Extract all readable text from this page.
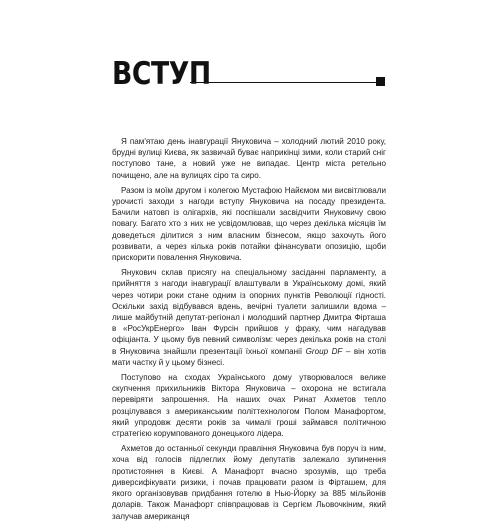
ВСТУП

Я пам'ятаю день інавгурації Януковича – холодний лютий 2010 року, брудні вулиці Києва, як зазвичай буває наприкінці зими, коли старий сніг поступово тане, а новий уже не випадає. Центр міста ретельно почищено, але на вулицях сіро та сиро.

Разом із моїм другом і колегою Мустафою Найємом ми висвітлювали урочисті заходи з нагоди вступу Януковича на посаду президента. Бачили натовп із олігархів, які поспішали засвідчити Януковичу свою повагу. Багато хто з них не усвідомлював, що через декілька місяців їм доведеться ділитися з ним власним бізнесом, якщо захочуть його розвивати, а через кілька років потайки фінансувати опозицію, щоби прискорити повалення Януковича.

Янукович склав присягу на спеціальному засіданні парламенту, а прийняття з нагоди інавгурації влаштували в Українському домі, який через чотири роки стане одним із опорних пунктів Революції гідності. Оскільки захід відбувався вдень, вечірні туалети залишили вдома – лише майбутній депутат-регіонал і молодший партнер Дмитра Фірташа в «РосУкрЕнерго» Іван Фурсін прийшов у фраку, чим нагадував офіціанта. У цьому був певний символізм: через декілька років на столі в Януковича знайшли презентації їхньої компанії Group DF – він хотів мати частку й у цьому бізнесі.

Поступово на сходах Українського дому утворювалося велике скупчення прихильників Віктора Януковича – охорона не встигала перевіряти запрошення. На наших очах Ринат Ахметов тепло розцілувався з американським політтехнологом Полом Манафортом, який упродовж десяти років за чималі гроші займався політичною стратегією корумпованого донецького лідера.

Ахметов до останньої секунди правління Януковича був поруч із ним, хоча від голосів підлеглих йому депутатів залежало зупинення протистояння в Києві. А Манафорт вчасно зрозумів, що треба диверсифікувати ризики, і почав працювати разом із Фірташем, для якого організовував придбання готелю в Нью-Йорку за 885 мільйонів доларів. Також Манафорт співпрацював із Сергієм Льовочкіним, який залучав американця
